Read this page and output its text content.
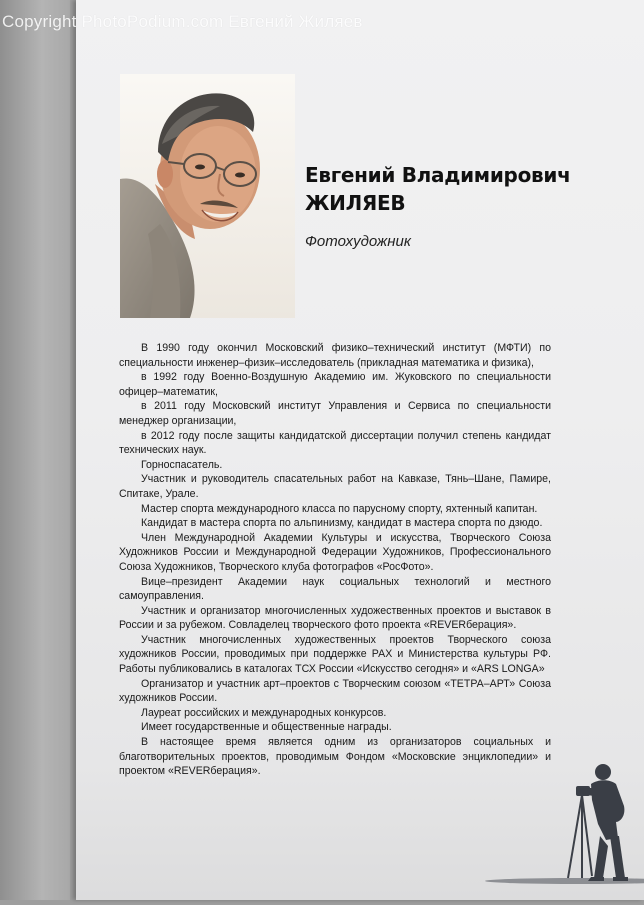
Copyright PhotoPodium.com Евгений Жиляев
Евгений Владимирович
ЖИЛЯЕВ
Фотохудожник

В 1990 году окончил Московский физико–технический институт (МФТИ) по специальности инженер–физик–исследователь (прикладная математика и физика),

в 1992 году Военно-Воздушную Академию им. Жуковского по специальности офицер–математик,

в 2011 году Московский институт Управления и Сервиса по специальности менеджер организации,

в 2012 году после защиты кандидатской диссертации получил степень кандидат технических наук.

Горноспасатель.

Участник и руководитель спасательных работ на Кавказе, Тянь–Шане, Памире, Спитаке, Урале.

Мастер спорта международного класса по парусному спорту, яхтенный капитан.

Кандидат в мастера спорта по альпинизму, кандидат в мастера спорта по дзюдо.

Член Международной Академии Культуры и искусства, Творческого Союза Художников России и Международной Федерации Художников, Профессионального Союза Художников, Творческого клуба фотографов «РосФото».

Вице–президент Академии наук социальных технологий и местного самоуправления.

Участник и организатор многочисленных художественных проектов и выставок в России и за рубежом. Совладелец творческого фото проекта «REVERберация».

Участник многочисленных художественных проектов Творческого союза художников России, проводимых при поддержке РАХ и Министерства культуры РФ. Работы публиковались в каталогах ТСХ России «Искусство сегодня» и «ARS LONGA»

Организатор и участник арт–проектов с Творческим союзом «ТЕТРА–АРТ» Союза художников России.

Лауреат российских и международных конкурсов.

Имеет государственные и общественные награды.

В настоящее время является одним из организаторов социальных и благотворительных проектов, проводимым Фондом «Московские энциклопедии» и проектом «REVERберация».
